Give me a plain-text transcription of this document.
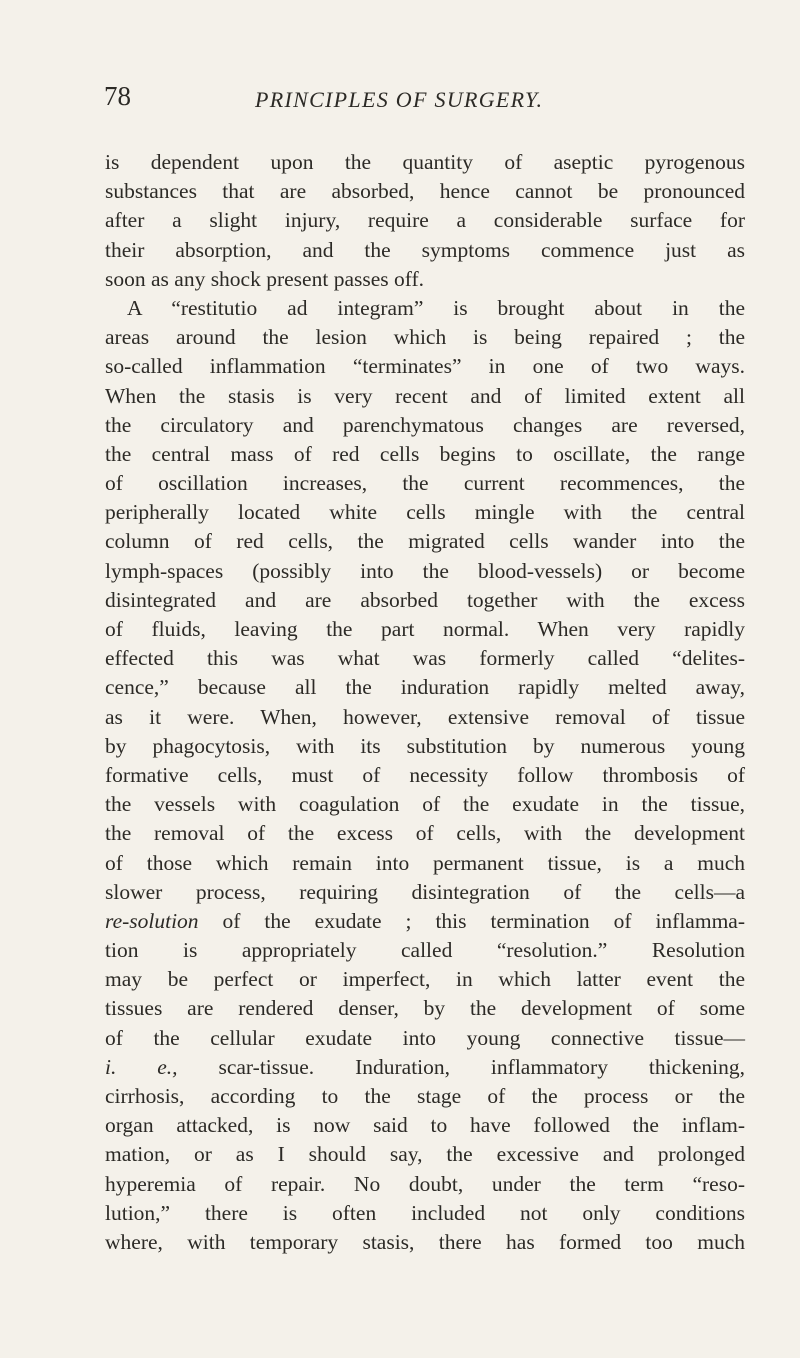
78	PRINCIPLES OF SURGERY.
is dependent upon the quantity of aseptic pyrogenous
substances that are absorbed, hence cannot be pronounced
after a slight injury, require a considerable surface for
their absorption, and the symptoms commence just as
soon as any shock present passes off.
A “restitutio ad integram” is brought about in the
areas around the lesion which is being repaired ; the
so-called inflammation “terminates” in one of two ways.
When the stasis is very recent and of limited extent all
the circulatory and parenchymatous changes are reversed,
the central mass of red cells begins to oscillate, the range
of oscillation increases, the current recommences, the
peripherally located white cells mingle with the central
column of red cells, the migrated cells wander into the
lymph-spaces (possibly into the blood-vessels) or become
disintegrated and are absorbed together with the excess
of fluids, leaving the part normal. When very rapidly
effected this was what was formerly called “delites-
cence,” because all the induration rapidly melted away,
as it were. When, however, extensive removal of tissue
by phagocytosis, with its substitution by numerous young
formative cells, must of necessity follow thrombosis of
the vessels with coagulation of the exudate in the tissue,
the removal of the excess of cells, with the development
of those which remain into permanent tissue, is a much
slower process, requiring disintegration of the cells—a
re-solution of the exudate ; this termination of inflamma-
tion is appropriately called “resolution.” Resolution
may be perfect or imperfect, in which latter event the
tissues are rendered denser, by the development of some
of the cellular exudate into young connective tissue—
i. e., scar-tissue. Induration, inflammatory thickening,
cirrhosis, according to the stage of the process or the
organ attacked, is now said to have followed the inflam-
mation, or as I should say, the excessive and prolonged
hyperemia of repair. No doubt, under the term “reso-
lution,” there is often included not only conditions
where, with temporary stasis, there has formed too much
